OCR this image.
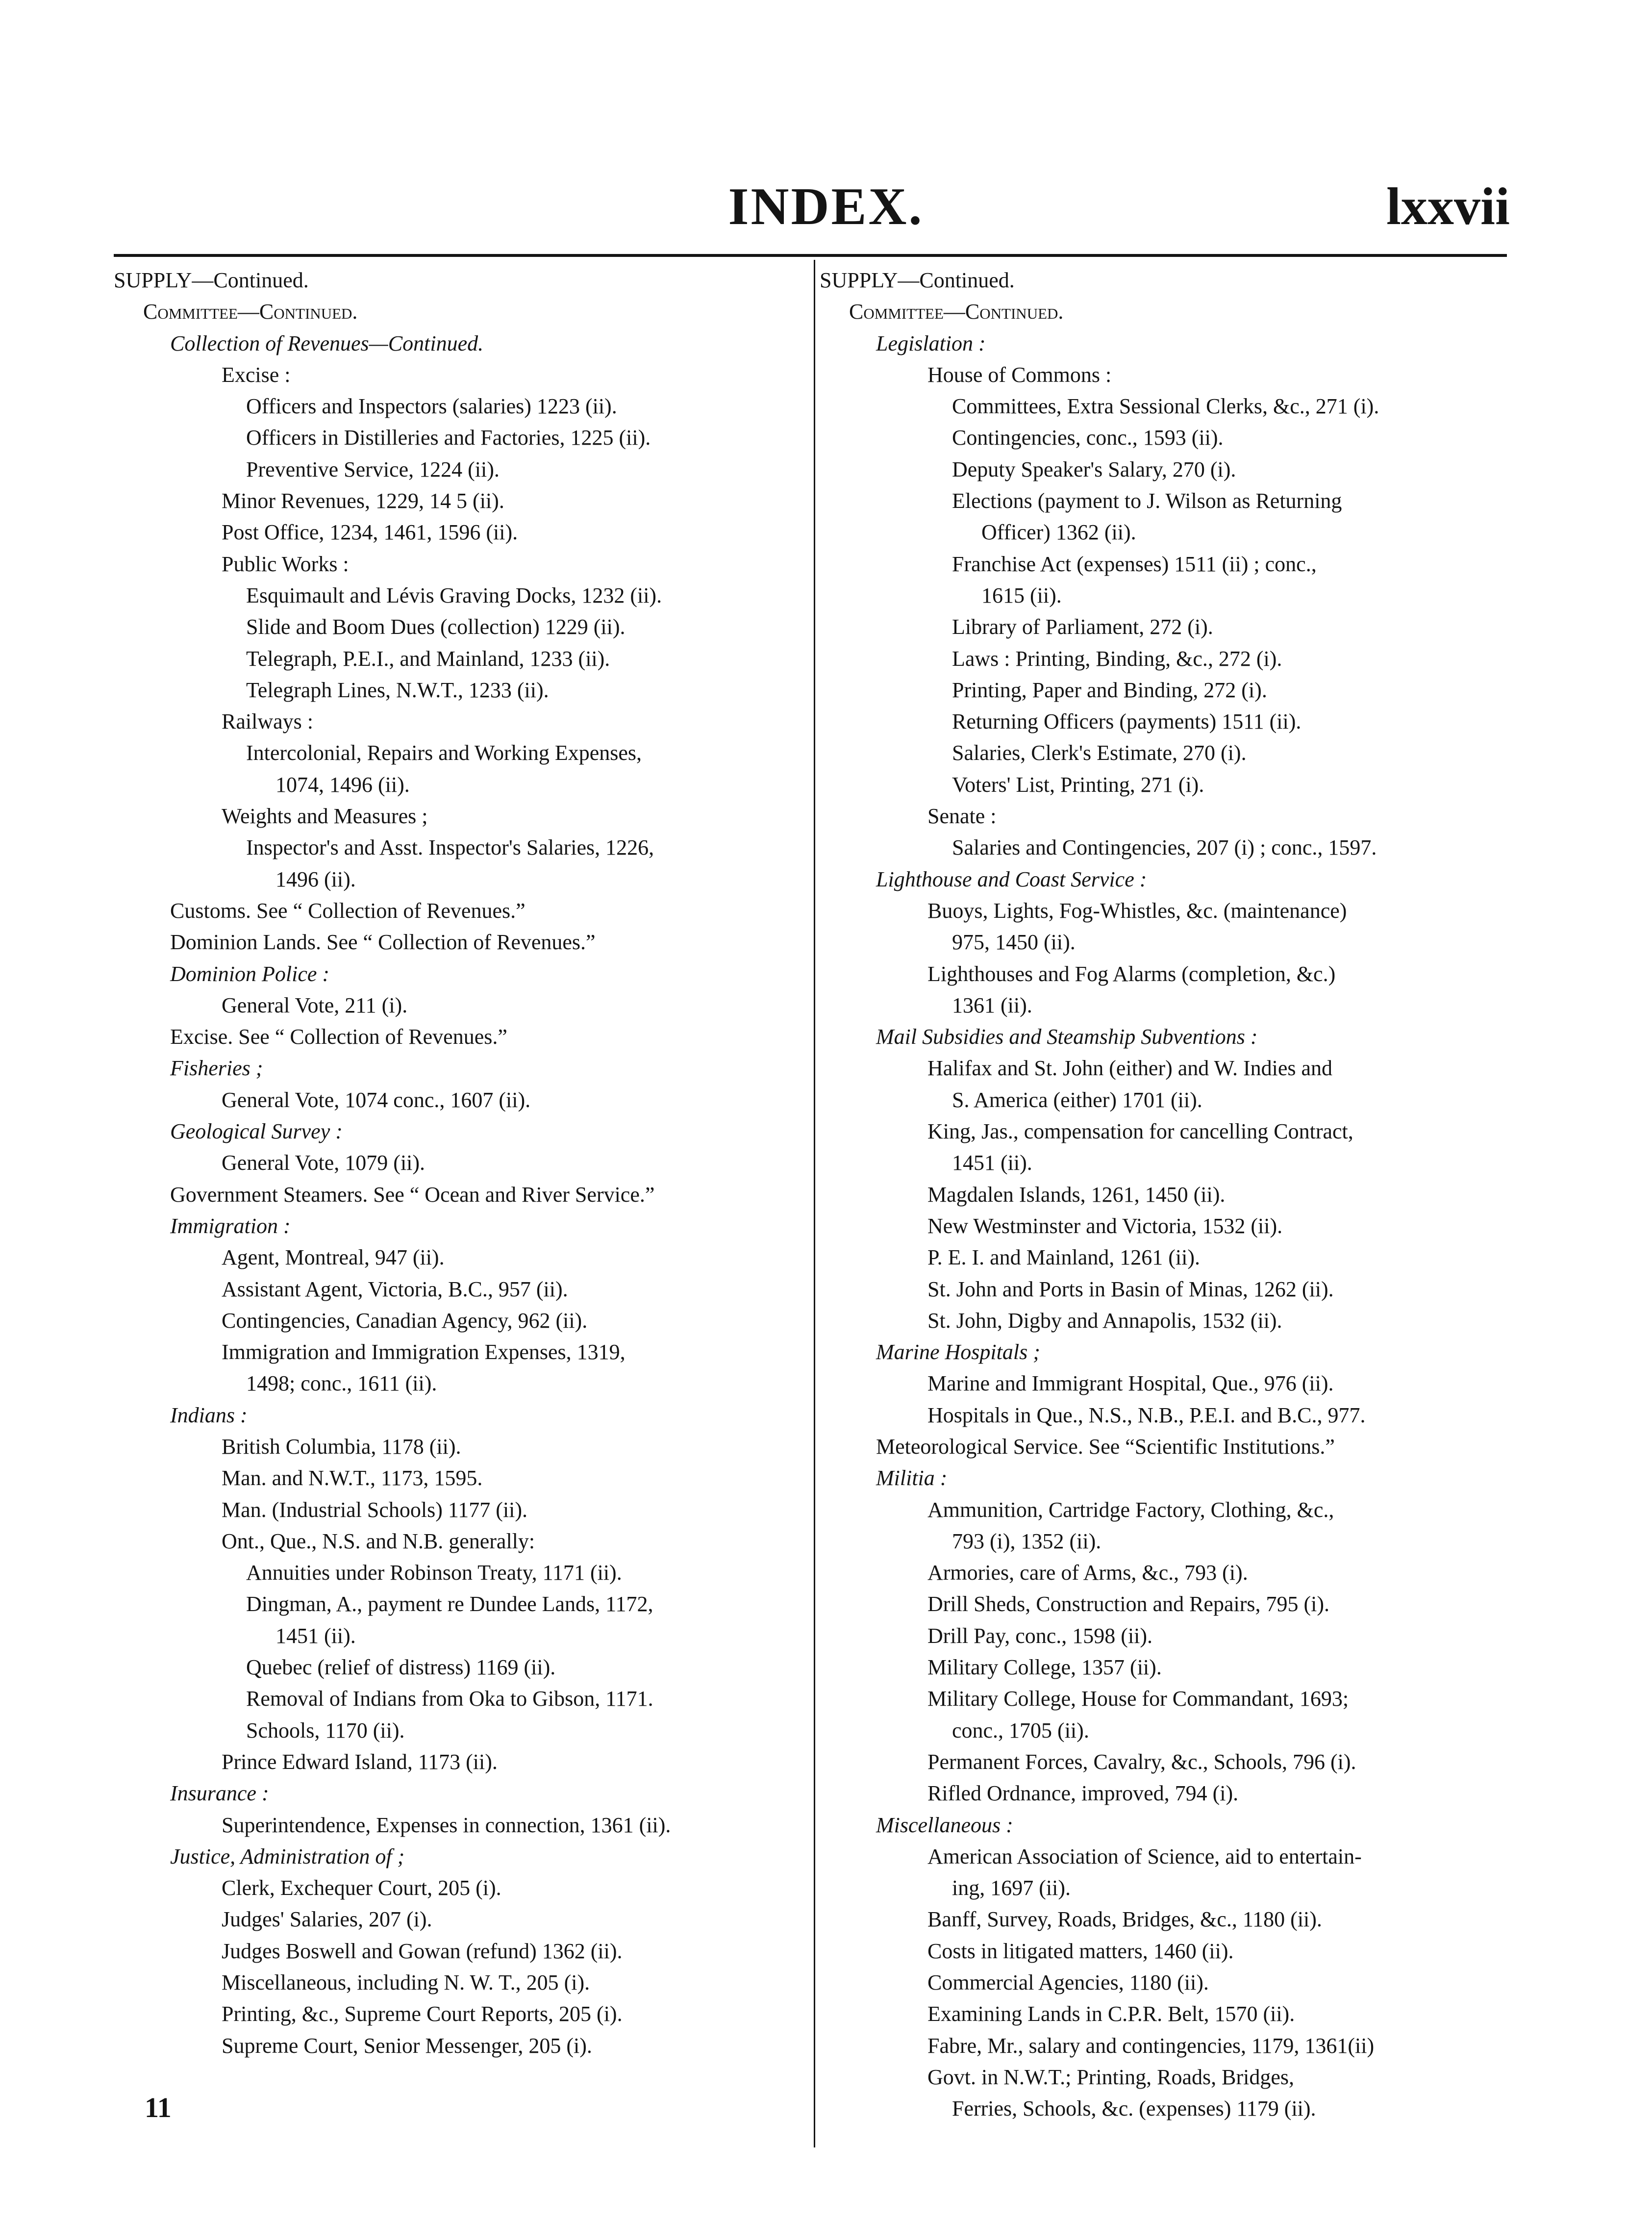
INDEX.	lxxvii
SUPPLY—Continued.
Committee—Continued.
Collection of Revenues—Continued.
Excise :
Officers and Inspectors (salaries) 1223 (ii).
Officers in Distilleries and Factories, 1225 (ii).
Preventive Service, 1224 (ii).
Minor Revenues, 1229, 14 5 (ii).
Post Office, 1234, 1461, 1596 (ii).
Public Works :
Esquimault and Lévis Graving Docks, 1232 (ii).
Slide and Boom Dues (collection) 1229 (ii).
Telegraph, P.E.I., and Mainland, 1233 (ii).
Telegraph Lines, N.W.T., 1233 (ii).
Railways :
Intercolonial, Repairs and Working Expenses,
1074, 1496 (ii).
Weights and Measures ;
Inspector's and Asst. Inspector's Salaries, 1226,
1496 (ii).
Customs. See “ Collection of Revenues.”
Dominion Lands. See “ Collection of Revenues.”
Dominion Police :
General Vote, 211 (i).
Excise. See “ Collection of Revenues.”
Fisheries ;
General Vote, 1074 conc., 1607 (ii).
Geological Survey :
General Vote, 1079 (ii).
Government Steamers. See “ Ocean and River Service.”
Immigration :
Agent, Montreal, 947 (ii).
Assistant Agent, Victoria, B.C., 957 (ii).
Contingencies, Canadian Agency, 962 (ii).
Immigration and Immigration Expenses, 1319,
1498; conc., 1611 (ii).
Indians :
British Columbia, 1178 (ii).
Man. and N.W.T., 1173, 1595.
Man. (Industrial Schools) 1177 (ii).
Ont., Que., N.S. and N.B. generally:
Annuities under Robinson Treaty, 1171 (ii).
Dingman, A., payment re Dundee Lands, 1172,
1451 (ii).
Quebec (relief of distress) 1169 (ii).
Removal of Indians from Oka to Gibson, 1171.
Schools, 1170 (ii).
Prince Edward Island, 1173 (ii).
Insurance :
Superintendence, Expenses in connection, 1361 (ii).
Justice, Administration of ;
Clerk, Exchequer Court, 205 (i).
Judges' Salaries, 207 (i).
Judges Boswell and Gowan (refund) 1362 (ii).
Miscellaneous, including N. W. T., 205 (i).
Printing, &c., Supreme Court Reports, 205 (i).
Supreme Court, Senior Messenger, 205 (i).
SUPPLY—Continued.
Committee—Continued.
Legislation :
House of Commons :
Committees, Extra Sessional Clerks, &c., 271 (i).
Contingencies, conc., 1593 (ii).
Deputy Speaker's Salary, 270 (i).
Elections (payment to J. Wilson as Returning
Officer) 1362 (ii).
Franchise Act (expenses) 1511 (ii) ; conc.,
1615 (ii).
Library of Parliament, 272 (i).
Laws : Printing, Binding, &c., 272 (i).
Printing, Paper and Binding, 272 (i).
Returning Officers (payments) 1511 (ii).
Salaries, Clerk's Estimate, 270 (i).
Voters' List, Printing, 271 (i).
Senate :
Salaries and Contingencies, 207 (i) ; conc., 1597.
Lighthouse and Coast Service :
Buoys, Lights, Fog-Whistles, &c. (maintenance)
975, 1450 (ii).
Lighthouses and Fog Alarms (completion, &c.)
1361 (ii).
Mail Subsidies and Steamship Subventions :
Halifax and St. John (either) and W. Indies and
S. America (either) 1701 (ii).
King, Jas., compensation for cancelling Contract,
1451 (ii).
Magdalen Islands, 1261, 1450 (ii).
New Westminster and Victoria, 1532 (ii).
P. E. I. and Mainland, 1261 (ii).
St. John and Ports in Basin of Minas, 1262 (ii).
St. John, Digby and Annapolis, 1532 (ii).
Marine Hospitals ;
Marine and Immigrant Hospital, Que., 976 (ii).
Hospitals in Que., N.S., N.B., P.E.I. and B.C., 977.
Meteorological Service. See “Scientific Institutions.”
Militia :
Ammunition, Cartridge Factory, Clothing, &c.,
793 (i), 1352 (ii).
Armories, care of Arms, &c., 793 (i).
Drill Sheds, Construction and Repairs, 795 (i).
Drill Pay, conc., 1598 (ii).
Military College, 1357 (ii).
Military College, House for Commandant, 1693;
conc., 1705 (ii).
Permanent Forces, Cavalry, &c., Schools, 796 (i).
Rifled Ordnance, improved, 794 (i).
Miscellaneous :
American Association of Science, aid to entertain-
ing, 1697 (ii).
Banff, Survey, Roads, Bridges, &c., 1180 (ii).
Costs in litigated matters, 1460 (ii).
Commercial Agencies, 1180 (ii).
Examining Lands in C.P.R. Belt, 1570 (ii).
Fabre, Mr., salary and contingencies, 1179, 1361(ii)
Govt. in N.W.T.; Printing, Roads, Bridges,
Ferries, Schools, &c. (expenses) 1179 (ii).
11
